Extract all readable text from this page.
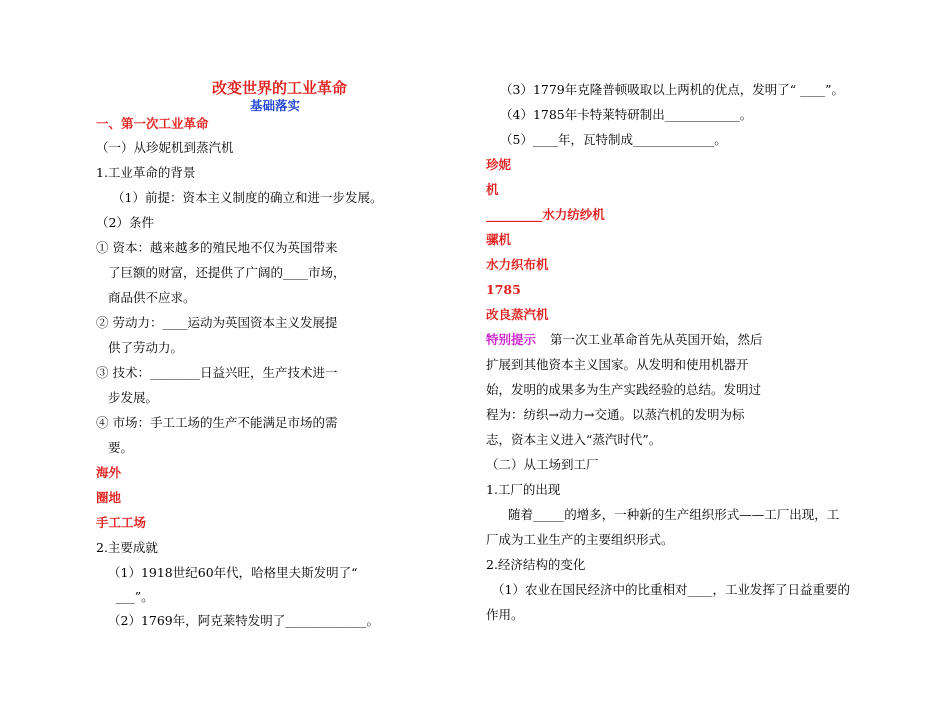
改变世界的工业革命
基础落实
一、第一次工业革命
（一）从珍妮机到蒸汽机
1.工业革命的背景
（1）前提：资本主义制度的确立和进一步发展。
（2）条件
① 资本：越来越多的殖民地不仅为英国带来
了巨额的财富，还提供了广阔的____市场，
商品供不应求。
② 劳动力：____运动为英国资本主义发展提
供了劳动力。
③ 技术：________日益兴旺，生产技术进一
步发展。
④ 市场：手工工场的生产不能满足市场的需
要。
海外
圈地
手工工场
2.主要成就
（1）1918世纪60年代，哈格里夫斯发明了“
___”。
（2）1769年，阿克莱特发明了_____________。
（3）1779年克隆普顿吸取以上两机的优点，发明了“ ____”。
（4）1785年卡特莱特研制出____________。
（5）____年，瓦特制成_____________。
珍妮
机
_________水力纺纱机
骡机
水力织布机
1785
改良蒸汽机
特别提示 第一次工业革命首先从英国开始，然后
扩展到其他资本主义国家。从发明和使用机器开
始，发明的成果多为生产实践经验的总结。发明过
程为：纺织→动力→交通。以蒸汽机的发明为标
志，资本主义进入“蒸汽时代”。
（二）从工场到工厂
1.工厂的出现
随着_____的增多，一种新的生产组织形式——工厂出现，工
厂成为工业生产的主要组织形式。
2.经济结构的变化
（1）农业在国民经济中的比重相对____，工业发挥了日益重要的
作用。
